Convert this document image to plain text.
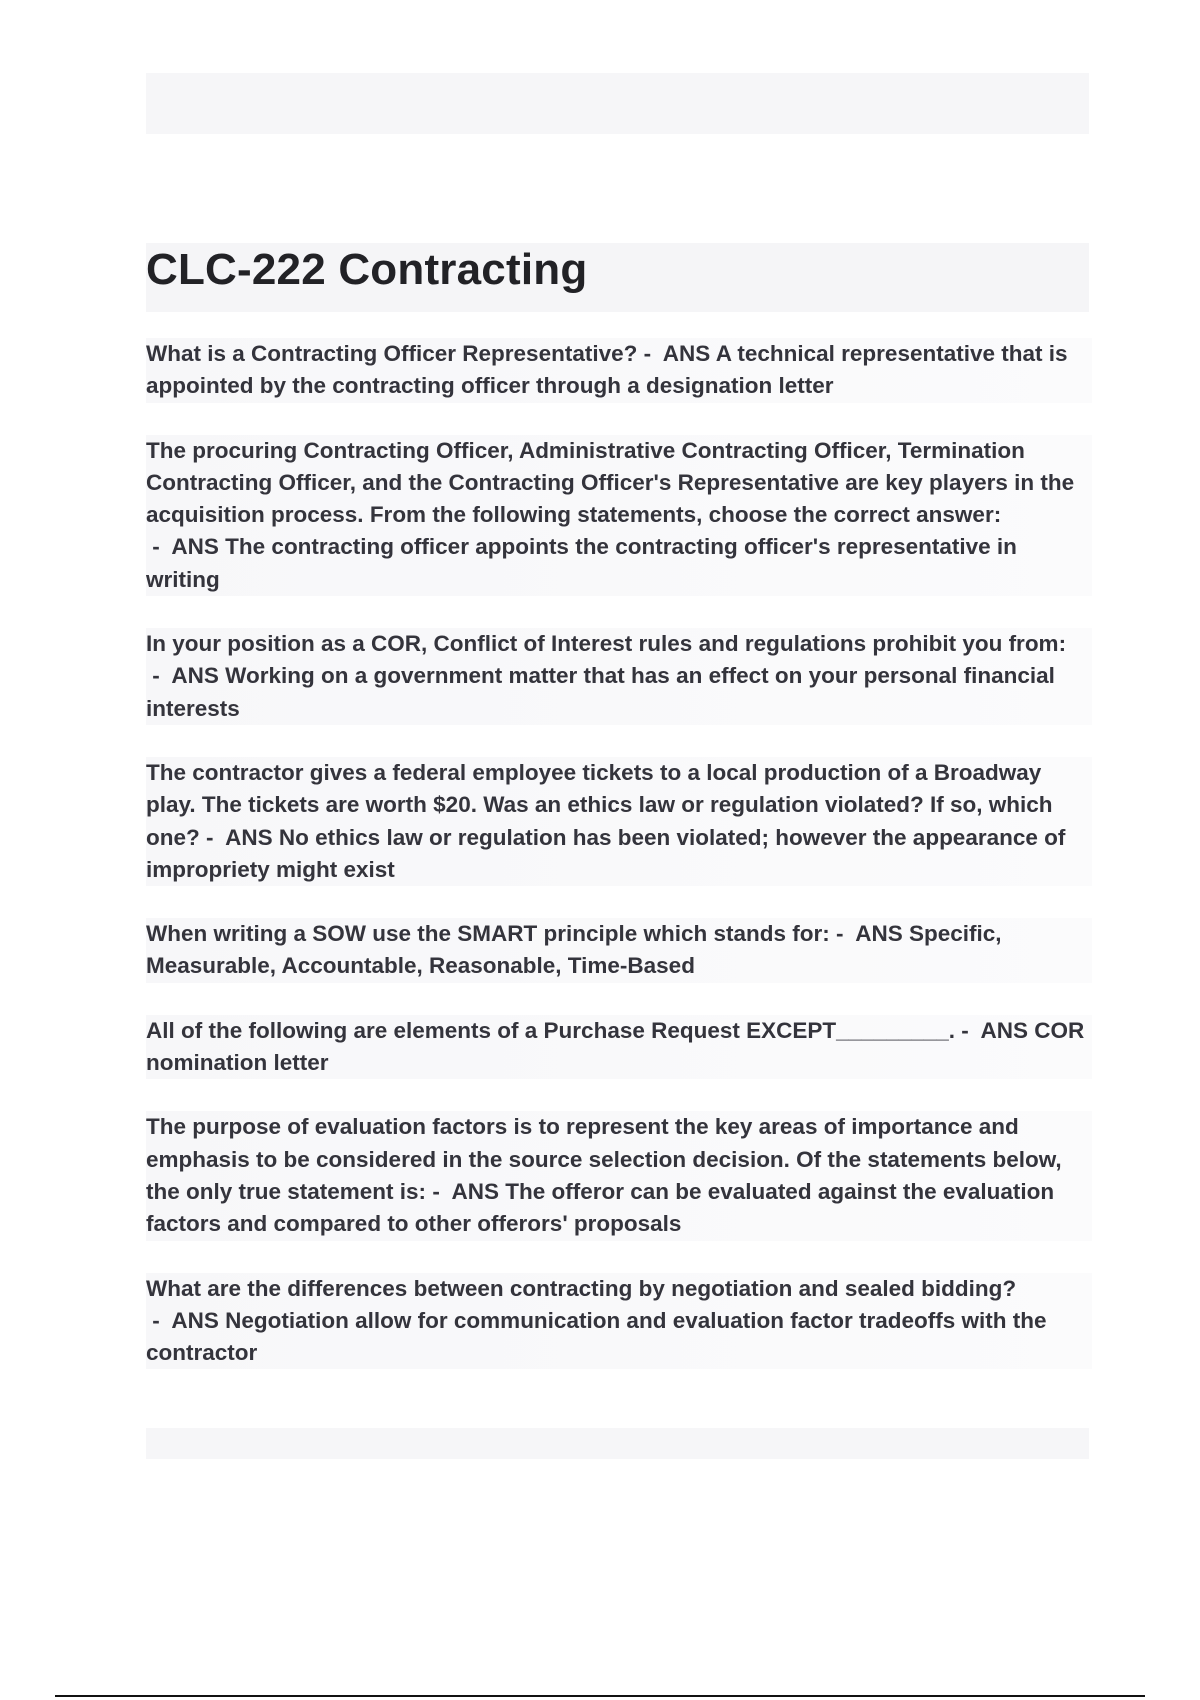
CLC-222 Contracting

What is a Contracting Officer Representative? -  ANS A technical representative that is appointed by the contracting officer through a designation letter

The procuring Contracting Officer, Administrative Contracting Officer, Termination Contracting Officer, and the Contracting Officer's Representative are key players in the acquisition process. From the following statements, choose the correct answer: -  ANS The contracting officer appoints the contracting officer's representative in writing

In your position as a COR, Conflict of Interest rules and regulations prohibit you from: -  ANS Working on a government matter that has an effect on your personal financial interests

The contractor gives a federal employee tickets to a local production of a Broadway play. The tickets are worth $20. Was an ethics law or regulation violated? If so, which one? -  ANS No ethics law or regulation has been violated; however the appearance of impropriety might exist

When writing a SOW use the SMART principle which stands for: -  ANS Specific, Measurable, Accountable, Reasonable, Time-Based

All of the following are elements of a Purchase Request EXCEPT_________. -  ANS COR nomination letter

The purpose of evaluation factors is to represent the key areas of importance and emphasis to be considered in the source selection decision. Of the statements below, the only true statement is: -  ANS The offeror can be evaluated against the evaluation factors and compared to other offerors' proposals

What are the differences between contracting by negotiation and sealed bidding? -  ANS Negotiation allow for communication and evaluation factor tradeoffs with the contractor
